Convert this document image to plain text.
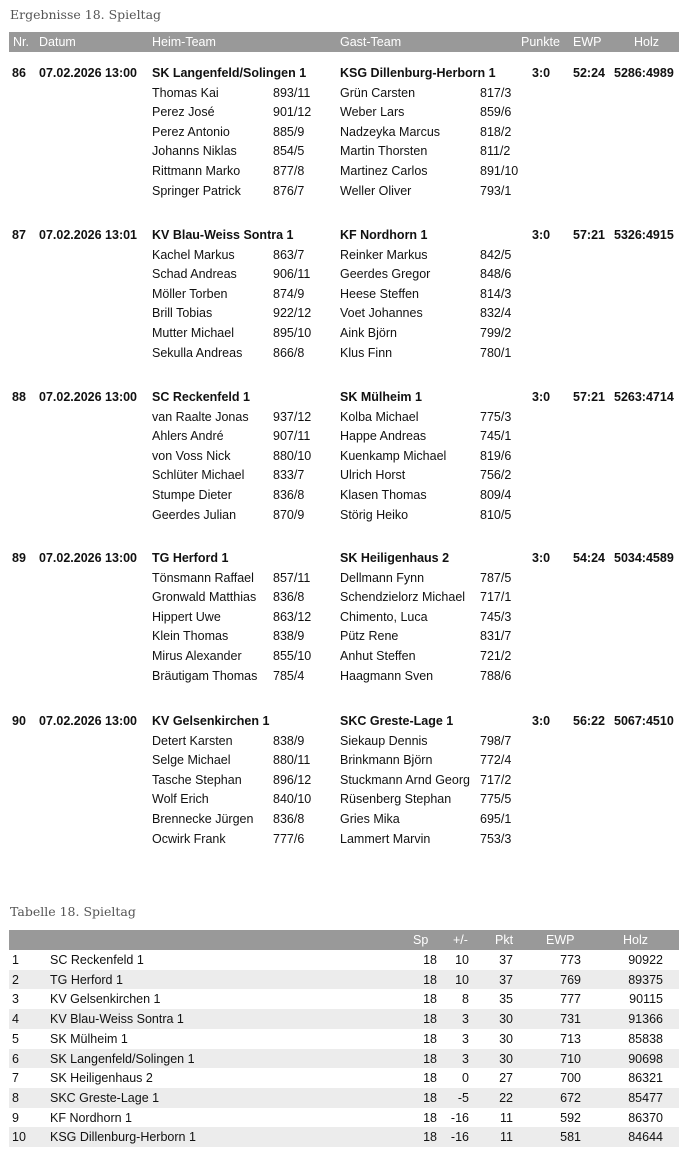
Ergebnisse 18. Spieltag
Nr. Datum	Heim-Team	Gast-Team	Punkte EWP	Holz
86 07.02.2026 13:00 SK Langenfeld/Solingen 1	KSG Dillenburg-Herborn 1	3:0 52:24 5286:4989
Thomas Kai	893/11 Grün Carsten	817/3
Perez José	901/12 Weber Lars	859/6
Perez Antonio	885/9	Nadzeyka Marcus	818/2
Johanns Niklas	854/5	Martin Thorsten	811/2
Rittmann Marko	877/8	Martinez Carlos	891/10
Springer Patrick	876/7	Weller Oliver	793/1
87 07.02.2026 13:01 KV Blau-Weiss Sontra 1	KF Nordhorn 1	3:0 57:21 5326:4915
Kachel Markus	863/7	Reinker Markus	842/5
Schad Andreas	906/11 Geerdes Gregor	848/6
Möller Torben	874/9	Heese Steffen	814/3
Brill Tobias	922/12 Voet Johannes	832/4
Mutter Michael	895/10 Aink Björn	799/2
Sekulla Andreas 866/8	Klus Finn	780/1
88 07.02.2026 13:00 SC Reckenfeld 1	SK Mülheim 1	3:0 57:21 5263:4714
van Raalte Jonas 937/12 Kolba Michael	775/3
Ahlers André	907/11 Happe Andreas	745/1
von Voss Nick	880/10 Kuenkamp Michael	819/6
Schlüter Michael 833/7	Ulrich Horst	756/2
Stumpe Dieter	836/8	Klasen Thomas	809/4
Geerdes Julian	870/9	Störig Heiko	810/5
89 07.02.2026 13:00 TG Herford 1	SK Heiligenhaus 2	3:0 54:24 5034:4589
Tönsmann Raffael 857/11 Dellmann Fynn	787/5
Gronwald Matthias 836/8	Schendzielorz Michael 717/1
Hippert Uwe	863/12 Chimento, Luca	745/3
Klein Thomas	838/9	Pütz Rene	831/7
Mirus Alexander	855/10 Anhut Steffen	721/2
Bräutigam Thomas 785/4	Haagmann Sven	788/6
90 07.02.2026 13:00 KV Gelsenkirchen 1	SKC Greste-Lage 1	3:0 56:22 5067:4510
Detert Karsten	838/9	Siekaup Dennis	798/7
Selge Michael	880/11 Brinkmann Björn	772/4
Tasche Stephan	896/12 Stuckmann Arnd Georg 717/2
Wolf Erich	840/10 Rüsenberg Stephan 775/5
Brennecke Jürgen 836/8	Gries Mika	695/1
Ocwirk Frank	777/6	Lammert Marvin	753/3
Tabelle 18. Spieltag
Sp +/- Pkt	EWP	Holz
1 SC Reckenfeld 1	18	10	37	773	90922
2 TG Herford 1	18	10	37	769	89375
3 KV Gelsenkirchen 1	18	8	35	777	90115
4 KV Blau-Weiss Sontra 1	18	3	30	731	91366
5 SK Mülheim 1	18	3	30	713	85838
6 SK Langenfeld/Solingen 1	18	3	30	710	90698
7 SK Heiligenhaus 2	18	0	27	700	86321
8 SKC Greste-Lage 1	18	-5	22	672	85477
9 KF Nordhorn 1	18	-16	11	592	86370
10 KSG Dillenburg-Herborn 1	18	-16	11	581	84644
